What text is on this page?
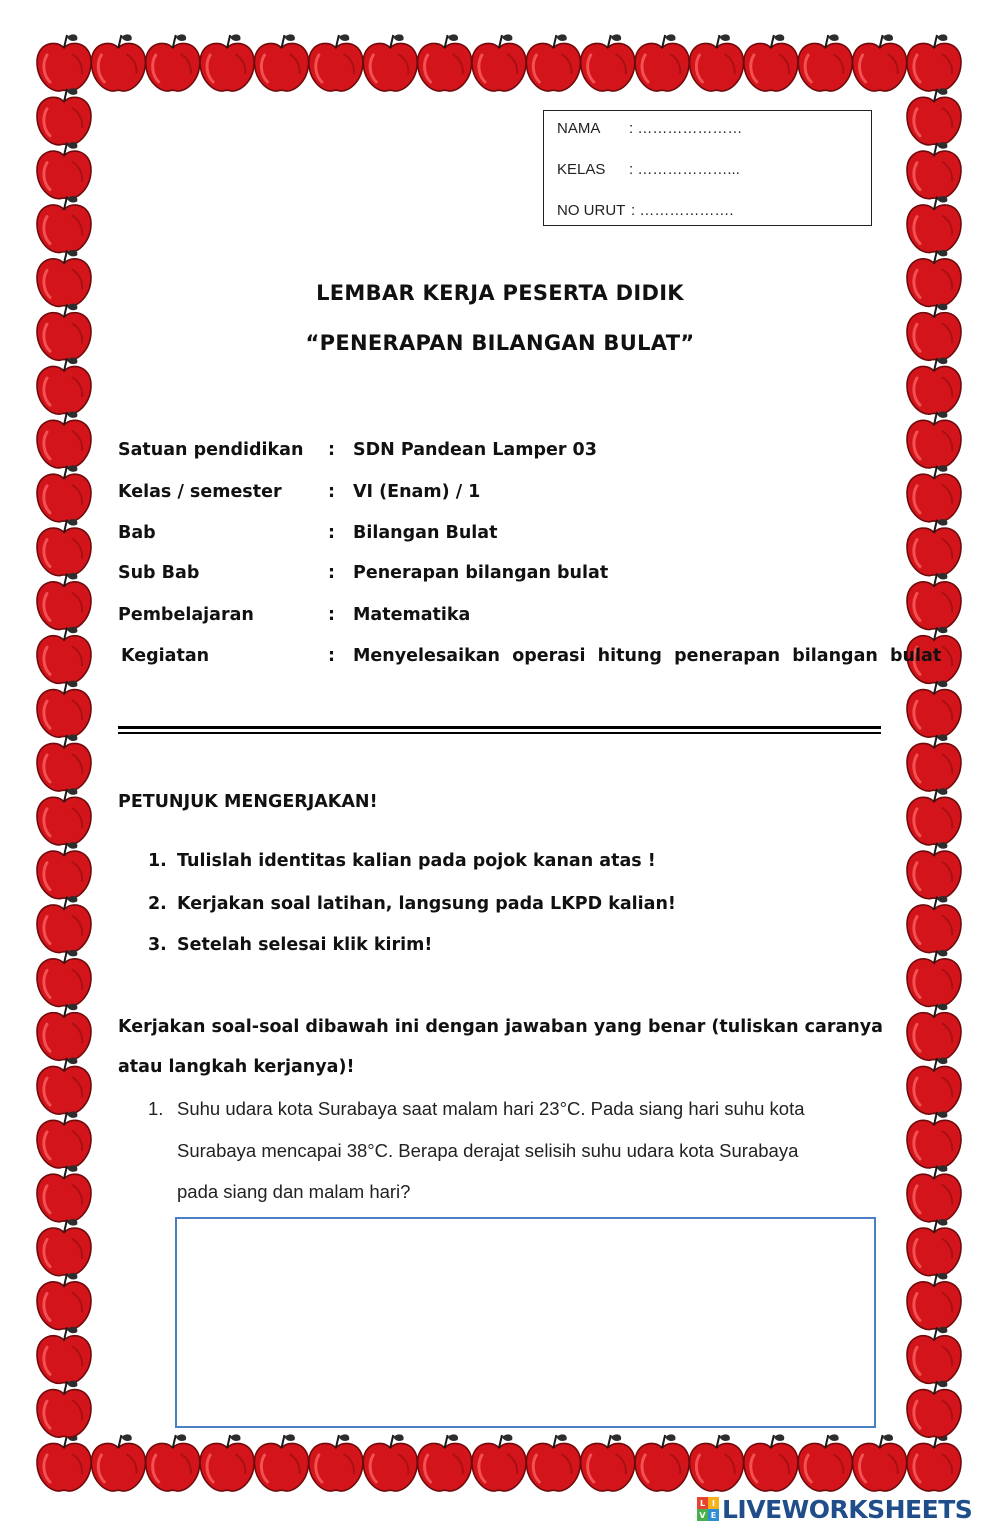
NAMA : …………………
KELAS : ………………...
NO URUT : ……………….
LEMBAR KERJA PESERTA DIDIK
“PENERAPAN BILANGAN BULAT”
Satuan pendidikan : SDN Pandean Lamper 03
Kelas / semester	: VI (Enam) / 1
Bab	: Bilangan Bulat
Sub Bab	: Penerapan bilangan bulat
Pembelajaran	: Matematika
Kegiatan	: Menyelesaikan  operasi  hitung  penerapan  bilangan  bulat
PETUNJUK MENGERJAKAN!
1. Tulislah identitas kalian pada pojok kanan atas !
2. Kerjakan soal latihan, langsung pada LKPD kalian!
3. Setelah selesai klik kirim!
Kerjakan soal-soal dibawah ini dengan jawaban yang benar (tuliskan caranya
atau langkah kerjanya)!
1. Suhu udara kota Surabaya saat malam hari 23°C. Pada siang hari suhu kota
Surabaya mencapai 38°C. Berapa derajat selisih suhu udara kota Surabaya
pada siang dan malam hari?
L I
V E LIVEWORKSHEETS
